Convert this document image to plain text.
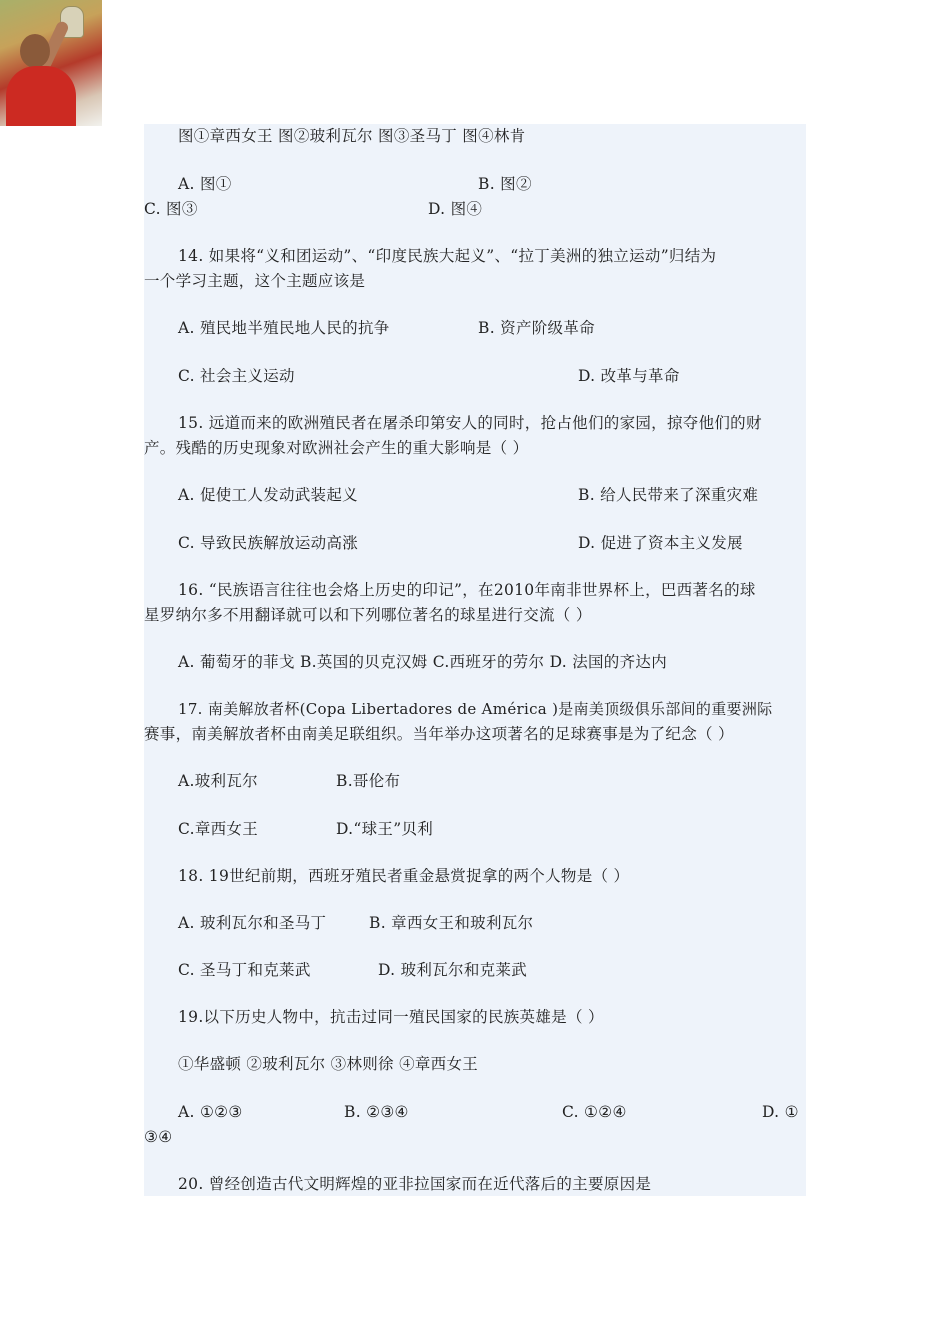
图①章西女王 图②玻利瓦尔 图③圣马丁 图④林肯

A. 图①	B. 图②

C. 图③	D. 图④

14. 如果将“义和团运动”、“印度民族大起义”、“拉丁美洲的独立运动”归结为

一个学习主题，这个主题应该是

A. 殖民地半殖民地人民的抗争	B. 资产阶级革命

C. 社会主义运动	D. 改革与革命

15. 远道而来的欧洲殖民者在屠杀印第安人的同时，抢占他们的家园，掠夺他们的财

产。残酷的历史现象对欧洲社会产生的重大影响是（ ）

A. 促使工人发动武装起义	B. 给人民带来了深重灾难

C. 导致民族解放运动高涨	D. 促进了资本主义发展

16. “民族语言往往也会烙上历史的印记”，在2010年南非世界杯上，巴西著名的球

星罗纳尔多不用翻译就可以和下列哪位著名的球星进行交流（ ）

A. 葡萄牙的菲戈 B.英国的贝克汉姆 C.西班牙的劳尔 D. 法国的齐达内

17. 南美解放者杯(Copa Libertadores de América )是南美顶级俱乐部间的重要洲际

赛事，南美解放者杯由南美足联组织。当年举办这项著名的足球赛事是为了纪念（ ）

A.玻利瓦尔	B.哥伦布

C.章西女王	D.“球王”贝利

18. 19世纪前期，西班牙殖民者重金悬赏捉拿的两个人物是（ ）

A. 玻利瓦尔和圣马丁	B. 章西女王和玻利瓦尔

C. 圣马丁和克莱武	D. 玻利瓦尔和克莱武

19.以下历史人物中，抗击过同一殖民国家的民族英雄是（ ）

①华盛顿 ②玻利瓦尔 ③林则徐 ④章西女王

A. ①②③	B. ②③④	C. ①②④	D. ①

③④

20. 曾经创造古代文明辉煌的亚非拉国家而在近代落后的主要原因是
